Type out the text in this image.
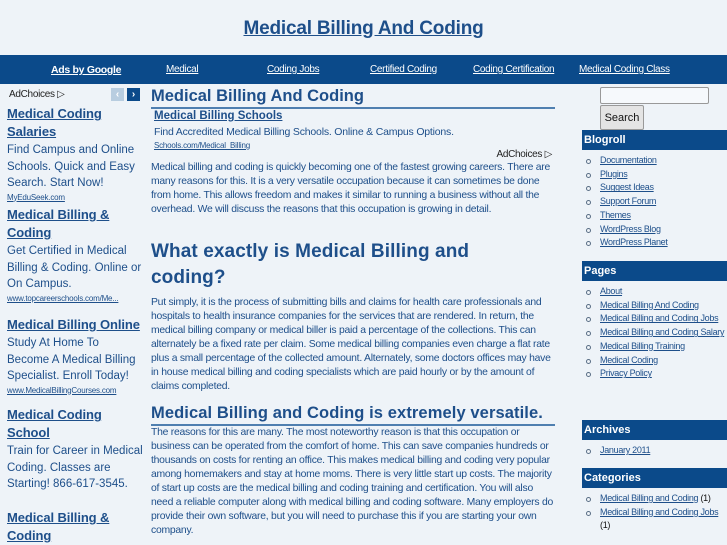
Medical Billing And Coding
Ads by Google	Medical	Coding Jobs	Certified Coding	Coding Certification Medical Coding Class
AdChoices ▷	‹	›
Medical Coding Salaries
Find Campus and Online Schools. Quick and Easy Search. Start Now!
MyEduSeek.com
Medical Billing & Coding
Get Certified in Medical Billing & Coding. Online or On Campus.
www.topcareerschools.com/Me...
Medical Billing Online
Study At Home To Become A Medical Billing Specialist. Enroll Today!
www.MedicalBillingCourses.com
Medical Coding School
Train for Career in Medical Coding. Classes are Starting! 866-617-3545.
Medical Billing & Coding
Medical Billing And Coding
Medical Billing Schools
Find Accredited Medical Billing Schools. Online & Campus Options.
Schools.com/Medical_Billing
AdChoices ▷

Medical billing and coding is quickly becoming one of the fastest growing careers. There are many reasons for this. It is a very versatile occupation because it can sometimes be done from home. This allows freedom and makes it similar to running a business without all the overhead. We will discuss the reasons that this occupation is growing in detail.

What exactly is Medical Billing and coding?

Put simply, it is the process of submitting bills and claims for health care professionals and hospitals to health insurance companies for the services that are rendered. In return, the medical billing company or medical biller is paid a percentage of the collections. This can alternately be a fixed rate per claim. Some medical billing companies even charge a flat rate plus a small percentage of the collected amount. Alternately, some doctors offices may have in house medical billing and coding specialists which are paid hourly or by the amount of claims completed.

Medical Billing and Coding is extremely versatile.

The reasons for this are many. The most noteworthy reason is that this occupation or business can be operated from the comfort of home. This can save companies hundreds or thousands on costs for renting an office. This makes medical billing and coding very popular among homemakers and stay at home moms. There is very little start up costs. The majority of start up costs are the medical billing and coding training and certification. You will also need a reliable computer along with medical billing and coding software. Many employers do provide their own software, but you will need to purchase this if you are starting your own company.

Search
Blogroll
Documentation
Plugins
Suggest Ideas
Support Forum
Themes
WordPress Blog
WordPress Planet
Pages
About
Medical Billing And Coding
Medical Billing and Coding Jobs
Medical Billing and Coding Salary
Medical Billing Training
Medical Coding
Privacy Policy
Archives
January 2011
Categories
Medical Billing and Coding (1)
Medical Billing and Coding Jobs (1)
